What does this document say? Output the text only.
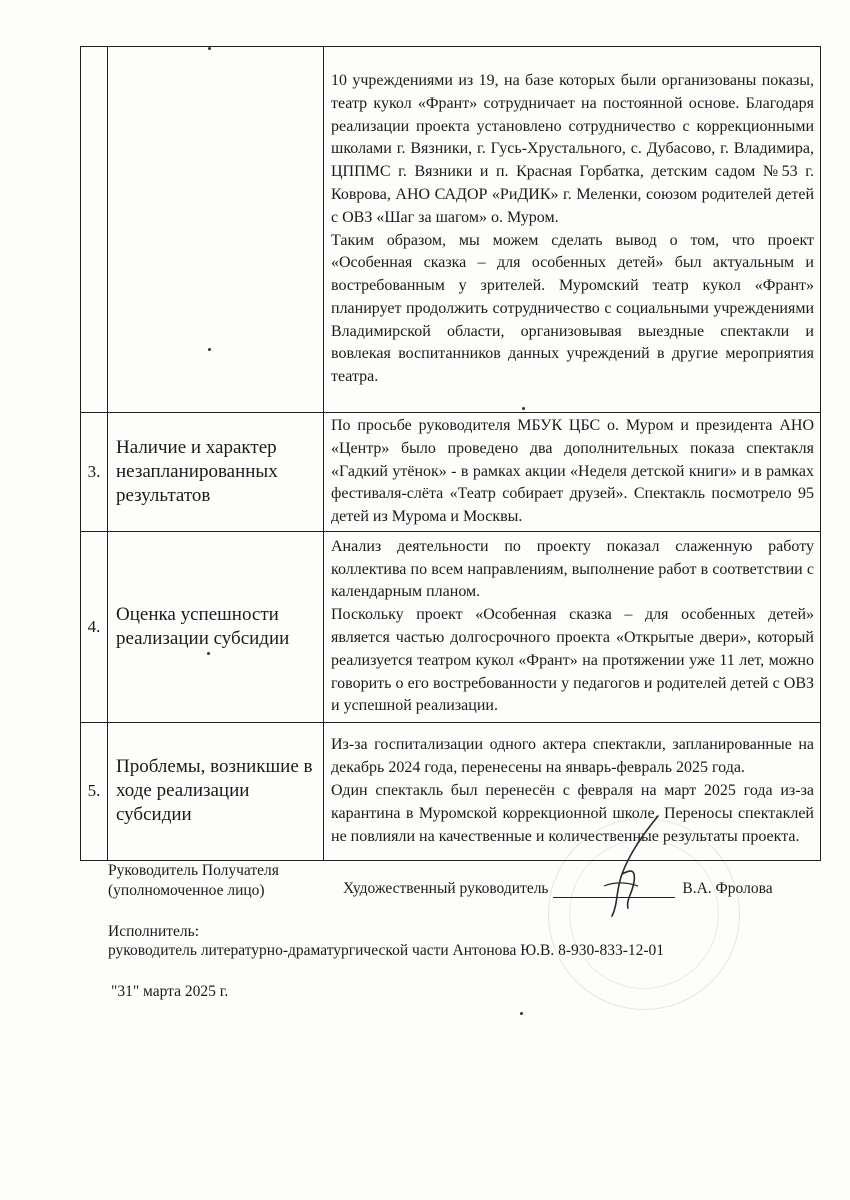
		10 учреждениями из 19, на базе которых были организованы показы, театр кукол «Франт» сотрудничает на постоянной основе. Благодаря реализации проекта установлено сотрудничество с коррекционными школами г. Вязники, г. Гусь-Хрустального, с. Дубасово, г. Владимира, ЦППМС г. Вязники и п. Красная Горбатка, детским садом №53 г. Коврова, АНО САДОР «РиДИК» г. Меленки, союзом родителей детей с ОВЗ «Шаг за шагом» о. Муром.

Таким образом, мы можем сделать вывод о том, что проект «Особенная сказка – для особенных детей» был актуальным и востребованным у зрителей. Муромский театр кукол «Франт» планирует продолжить сотрудничество с социальными учреждениями Владимирской области, организовывая выездные спектакли и вовлекая воспитанников данных учреждений в другие мероприятия театра.

3.	Наличие и характер незапланированных результатов	По просьбе руководителя МБУК ЦБС о. Муром и президента АНО «Центр» было проведено два дополнительных показа спектакля «Гадкий утёнок» - в рамках акции «Неделя детской книги» и в рамках фестиваля-слёта «Театр собирает друзей». Спектакль посмотрело 95 детей из Мурома и Москвы.

4.	Оценка успешности реализации субсидии	Анализ деятельности по проекту показал слаженную работу коллектива по всем направлениям, выполнение работ в соответствии с календарным планом.

Поскольку проект «Особенная сказка – для особенных детей» является частью долгосрочного проекта «Открытые двери», который реализуется театром кукол «Франт» на протяжении уже 11 лет, можно говорить о его востребованности у педагогов и родителей детей с ОВЗ и успешной реализации.

5.	Проблемы, возникшие в ходе реализации субсидии	Из-за госпитализации одного актера спектакли, запланированные на декабрь 2024 года, перенесены на январь-февраль 2025 года.

Один спектакль был перенесён с февраля на март 2025 года из-за карантина в Муромской коррекционной школе. Переносы спектаклей не повлияли на качественные и количественные результаты проекта.

Руководитель Получателя
(уполномоченное лицо)	Художественный руководитель	В.А. Фролова
Исполнитель:
руководитель литературно-драматургической части Антонова Ю.В. 8-930-833-12-01
"31" марта 2025 г.
